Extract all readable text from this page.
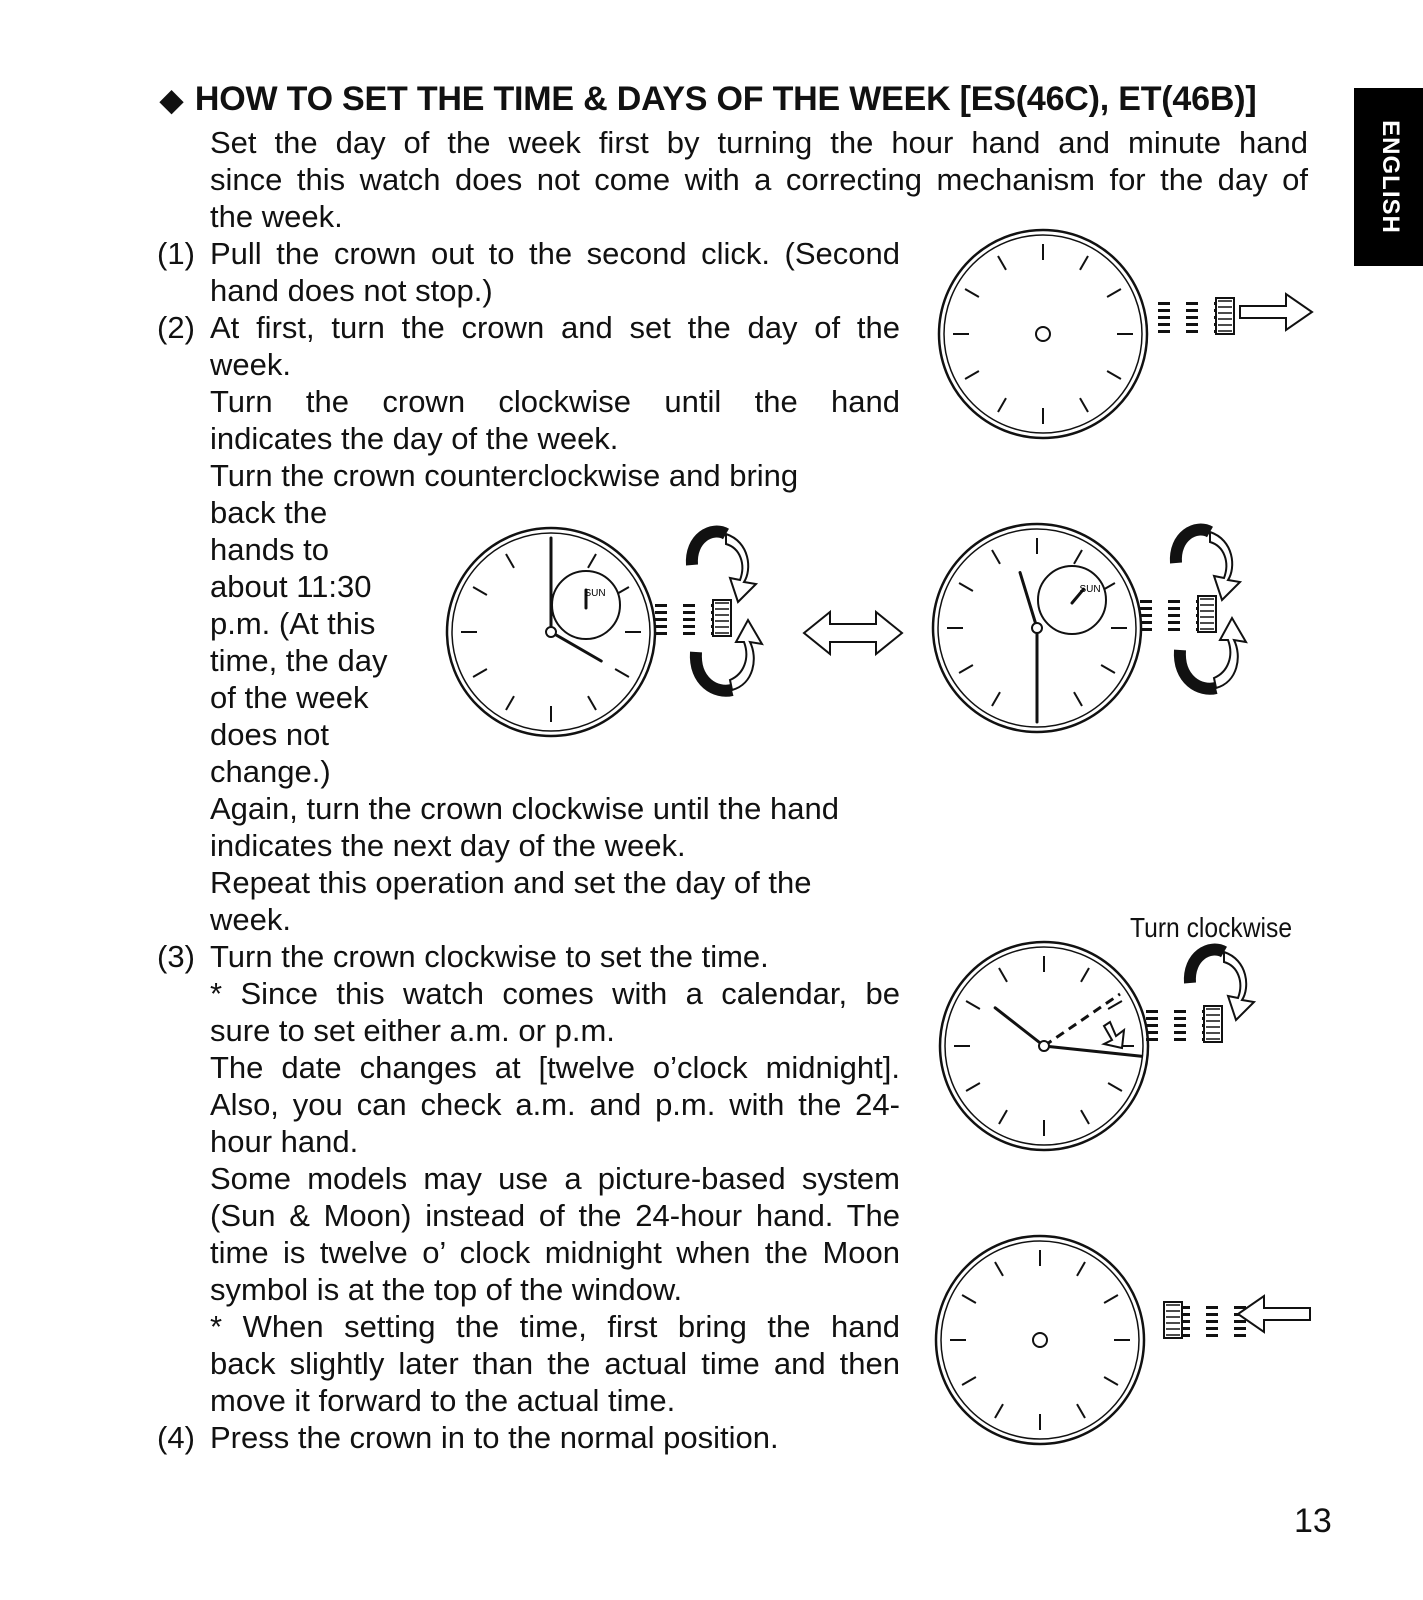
◆ HOW TO SET THE TIME & DAYS OF THE WEEK [ES(46C), ET(46B)]
Set the day of the week first by turning the hour hand and minute hand
since this watch does not come with a correcting mechanism for the day of
the week.
(1) Pull the crown out to the second click. (Second
hand does not stop.)
(2) At first, turn the crown and set the day of the
week.
Turn the crown clockwise until the hand
indicates the day of the week.
Turn the crown counterclockwise and bring
back the
hands to
about 11:30
p.m. (At this
time, the day
of the week
does not
change.)
Again, turn the crown clockwise until the hand
indicates the next day of the week.
Repeat this operation and set the day of the
week.
(3) Turn the crown clockwise to set the time.
* Since this watch comes with a calendar, be
sure to set either a.m. or p.m.
The date changes at [twelve o’clock midnight].
Also, you can check a.m. and p.m. with the 24-
hour hand.
Some models may use a picture-based system
(Sun & Moon) instead of the 24-hour hand. The
time is twelve o’ clock midnight when the Moon
symbol is at the top of the window.
* When setting the time, first bring the hand
back slightly later than the actual time and then
move it forward to the actual time.
(4) Press the crown in to the normal position.
ENGLISH
Turn clockwise
13
SUN	SUN
